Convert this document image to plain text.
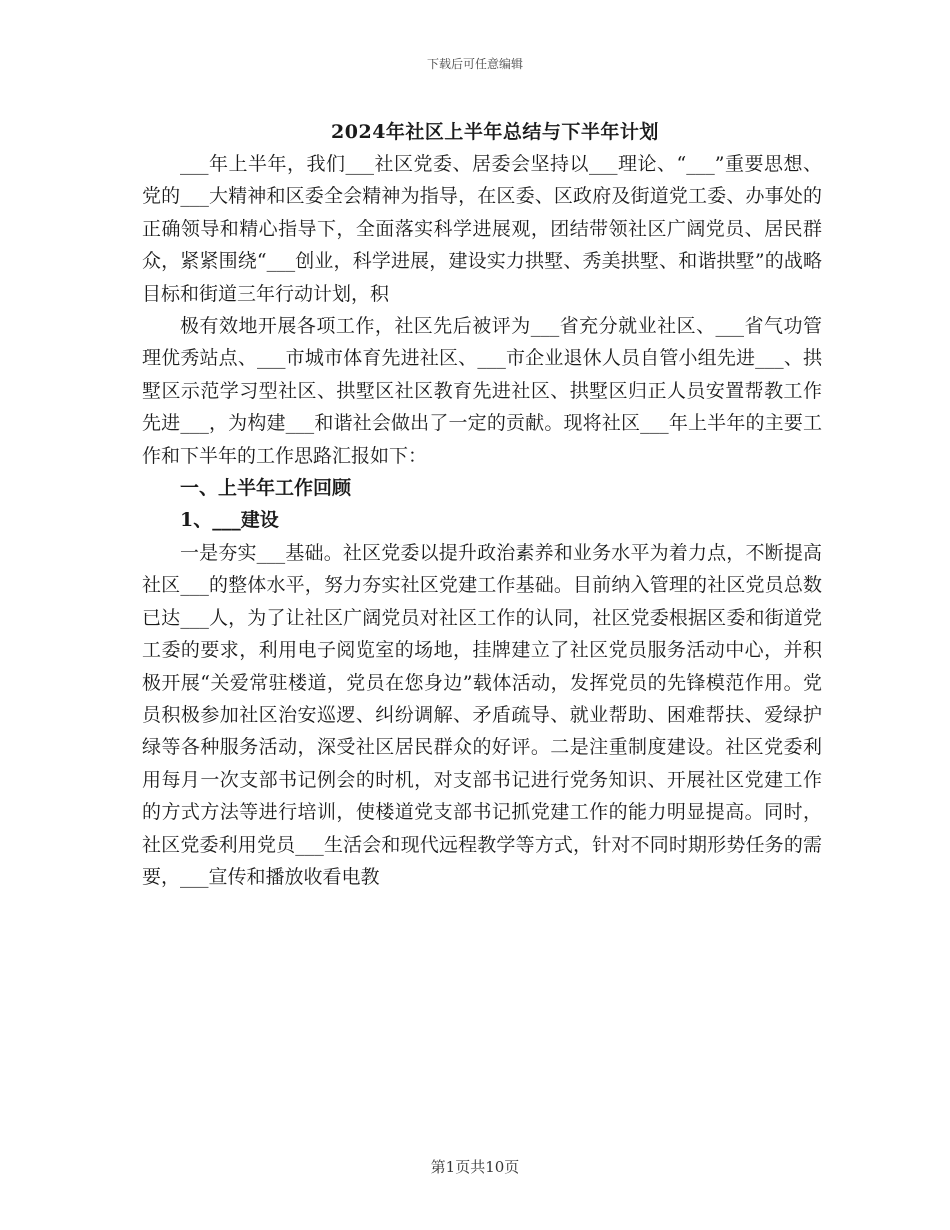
下载后可任意编辑
2024年社区上半年总结与下半年计划

___年上半年，我们___社区党委、居委会坚持以___理论、“___”重要思想、党的___大精神和区委全会精神为指导，在区委、区政府及街道党工委、办事处的正确领导和精心指导下，全面落实科学进展观，团结带领社区广阔党员、居民群众，紧紧围绕“___创业，科学进展，建设实力拱墅、秀美拱墅、和谐拱墅”的战略目标和街道三年行动计划，积

极有效地开展各项工作，社区先后被评为___省充分就业社区、___省气功管理优秀站点、___市城市体育先进社区、___市企业退休人员自管小组先进___、拱墅区示范学习型社区、拱墅区社区教育先进社区、拱墅区归正人员安置帮教工作先进___，为构建___和谐社会做出了一定的贡献。现将社区___年上半年的主要工作和下半年的工作思路汇报如下：

一、上半年工作回顾

1、___建设

一是夯实___基础。社区党委以提升政治素养和业务水平为着力点，不断提高社区___的整体水平，努力夯实社区党建工作基础。目前纳入管理的社区党员总数已达___人，为了让社区广阔党员对社区工作的认同，社区党委根据区委和街道党工委的要求，利用电子阅览室的场地，挂牌建立了社区党员服务活动中心，并积极开展“关爱常驻楼道，党员在您身边”载体活动，发挥党员的先锋模范作用。党员积极参加社区治安巡逻、纠纷调解、矛盾疏导、就业帮助、困难帮扶、爱绿护绿等各种服务活动，深受社区居民群众的好评。二是注重制度建设。社区党委利用每月一次支部书记例会的时机，对支部书记进行党务知识、开展社区党建工作的方式方法等进行培训，使楼道党支部书记抓党建工作的能力明显提高。同时，社区党委利用党员___生活会和现代远程教学等方式，针对不同时期形势任务的需要，___宣传和播放收看电教

第1页共10页
